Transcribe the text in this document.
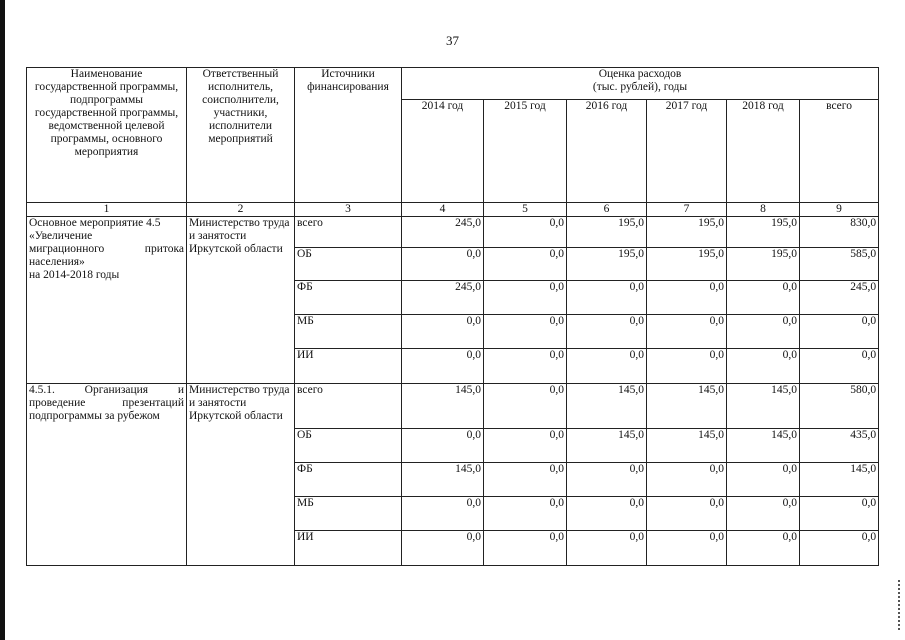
37
Наименование государственной программы, подпрограммы государственной программы, ведомственной целевой программы, основного мероприятия	Ответственный исполнитель, соисполнители, участники, исполнители мероприятий	Источники финансирования	Оценка расходов (тыс. рублей), годы					

			2014 год	2015 год	2016 год	2017 год	2018 год	всего
1	2	3	4	5	6	7	8	9

Основное мероприятие 4.5
«Увеличение
миграционного притока
населения»
на 2014-2018 годы	Министерство труда и занятости Иркутской области	всего	245,0	0,0	195,0	195,0	195,0	830,0
		ОБ	0,0	0,0	195,0	195,0	195,0	585,0
		ФБ	245,0	0,0	0,0	0,0	0,0	245,0
		МБ	0,0	0,0	0,0	0,0	0,0	0,0
		ИИ	0,0	0,0	0,0	0,0	0,0	0,0

4.5.1. Организация и
проведение презентаций
подпрограммы за рубежом	Министерство труда и занятости Иркутской области	всего	145,0	0,0	145,0	145,0	145,0	580,0
		ОБ	0,0	0,0	145,0	145,0	145,0	435,0
		ФБ	145,0	0,0	0,0	0,0	0,0	145,0
		МБ	0,0	0,0	0,0	0,0	0,0	0,0
		ИИ	0,0	0,0	0,0	0,0	0,0	0,0
